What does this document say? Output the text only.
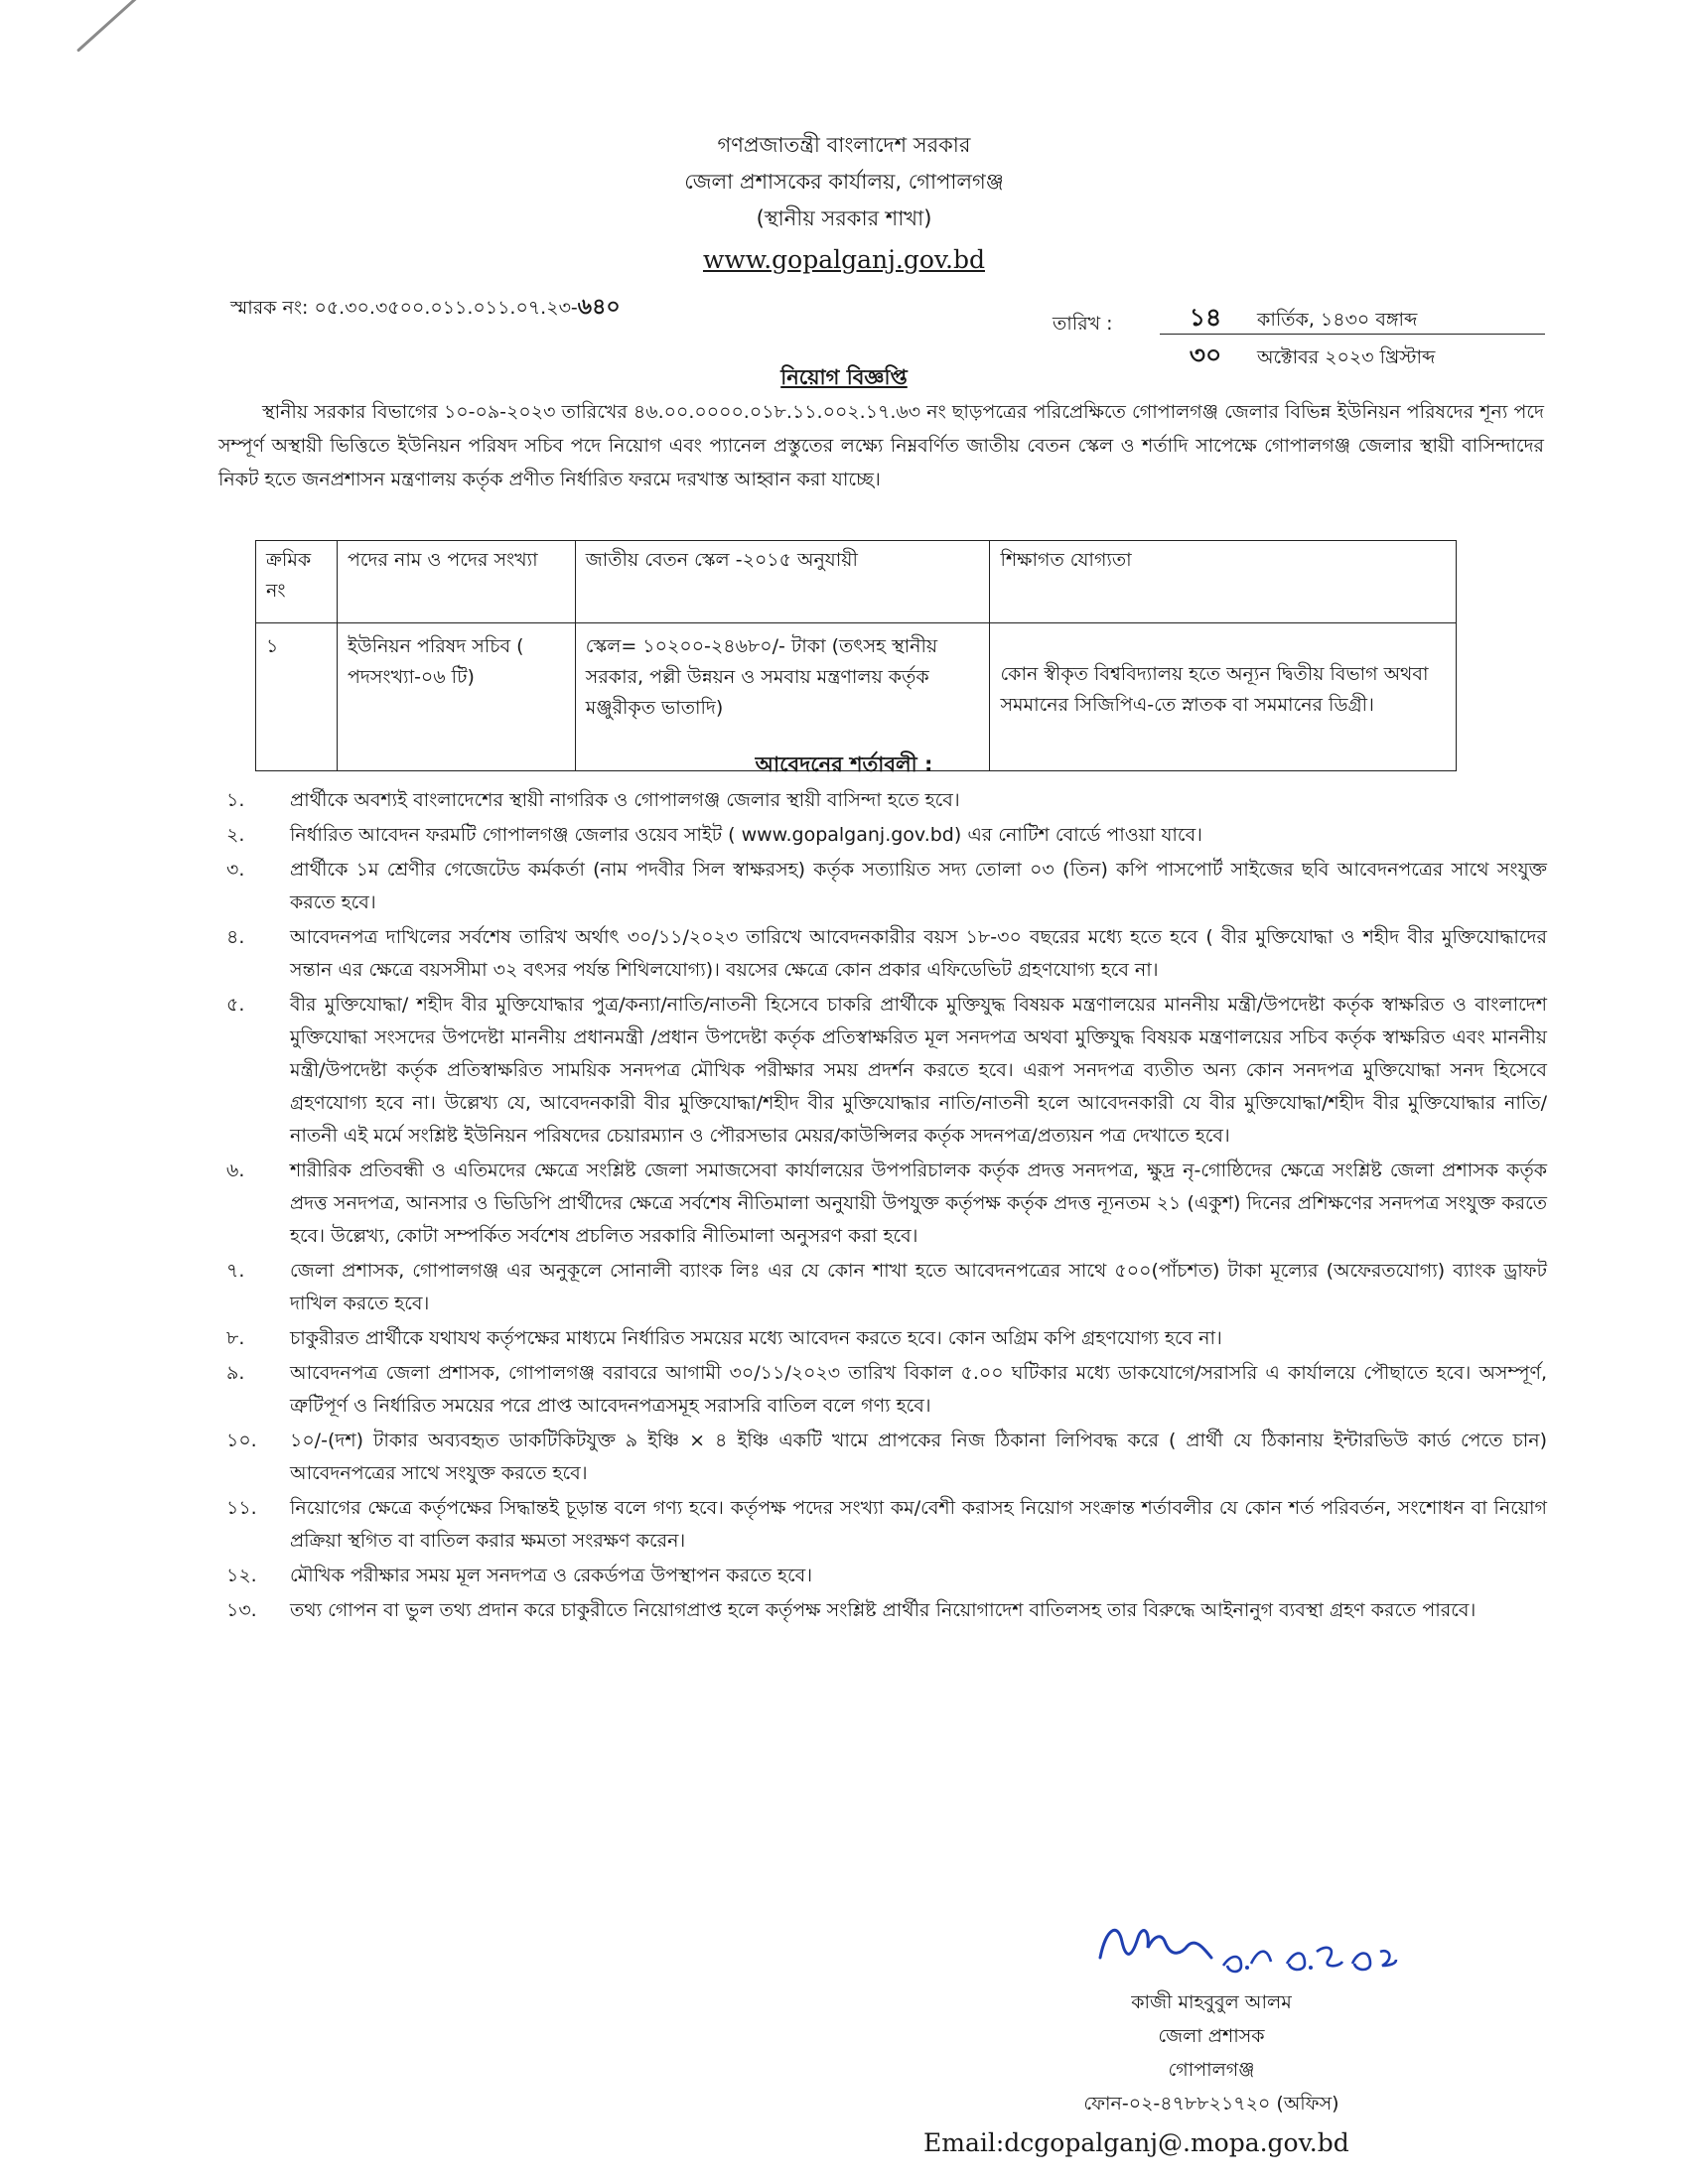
গণপ্রজাতন্ত্রী বাংলাদেশ সরকার
জেলা প্রশাসকের কার্যালয়, গোপালগঞ্জ
(স্থানীয় সরকার শাখা)
www.gopalganj.gov.bd
স্মারক নং: ০৫.৩০.৩৫০০.০১১.০১১.০৭.২৩-৬৪০
তারিখ :	১৪ কার্তিক, ১৪৩০ বঙ্গাব্দ
৩০ অক্টোবর ২০২৩ খ্রিস্টাব্দ
নিয়োগ বিজ্ঞপ্তি
স্থানীয় সরকার বিভাগের ১০-০৯-২০২৩ তারিখের ৪৬.০০.০০০০.০১৮.১১.০০২.১৭.৬৩ নং ছাড়পত্রের পরিপ্রেক্ষিতে গোপালগঞ্জ জেলার বিভিন্ন ইউনিয়ন পরিষদের শূন্য পদে সম্পূর্ণ অস্থায়ী ভিত্তিতে ইউনিয়ন পরিষদ সচিব পদে নিয়োগ এবং প্যানেল প্রস্তুতের লক্ষ্যে নিম্নবর্ণিত জাতীয় বেতন স্কেল ও শর্তাদি সাপেক্ষে গোপালগঞ্জ জেলার স্থায়ী বাসিন্দাদের নিকট হতে জনপ্রশাসন মন্ত্রণালয় কর্তৃক প্রণীত নির্ধারিত ফরমে দরখাস্ত আহ্বান করা যাচ্ছে।
ক্রমিক নং	পদের নাম ও পদের সংখ্যা	জাতীয় বেতন স্কেল -২০১৫ অনুযায়ী	শিক্ষাগত যোগ্যতা
১	ইউনিয়ন পরিষদ সচিব ( পদসংখ্যা-০৬ টি)	স্কেল= ১০২০০-২৪৬৮০/- টাকা (তৎসহ স্থানীয় সরকার, পল্লী উন্নয়ন ও সমবায় মন্ত্রণালয় কর্তৃক মঞ্জুরীকৃত ভাতাদি)	কোন স্বীকৃত বিশ্ববিদ্যালয় হতে অন্যূন দ্বিতীয় বিভাগ অথবা সমমানের সিজিপিএ-তে স্নাতক বা সমমানের ডিগ্রী।
আবেদনের শর্তাবলী :
১. প্রার্থীকে অবশ্যই বাংলাদেশের স্থায়ী নাগরিক ও গোপালগঞ্জ জেলার স্থায়ী বাসিন্দা হতে হবে।
২. নির্ধারিত আবেদন ফরমটি গোপালগঞ্জ জেলার ওয়েব সাইট ( www.gopalganj.gov.bd) এর নোটিশ বোর্ডে পাওয়া যাবে।
৩. প্রার্থীকে ১ম শ্রেণীর গেজেটেড কর্মকর্তা (নাম পদবীর সিল স্বাক্ষরসহ) কর্তৃক সত্যায়িত সদ্য তোলা ০৩ (তিন) কপি পাসপোর্ট সাইজের ছবি আবেদনপত্রের সাথে সংযুক্ত করতে হবে।
৪. আবেদনপত্র দাখিলের সর্বশেষ তারিখ অর্থাৎ ৩০/১১/২০২৩ তারিখে আবেদনকারীর বয়স ১৮-৩০ বছরের মধ্যে হতে হবে ( বীর মুক্তিযোদ্ধা ও শহীদ বীর মুক্তিযোদ্ধাদের সন্তান এর ক্ষেত্রে বয়সসীমা ৩২ বৎসর পর্যন্ত শিথিলযোগ্য)। বয়সের ক্ষেত্রে কোন প্রকার এফিডেভিট গ্রহণযোগ্য হবে না।
৫. বীর মুক্তিযোদ্ধা/ শহীদ বীর মুক্তিযোদ্ধার পুত্র/কন্যা/নাতি/নাতনী হিসেবে চাকরি প্রার্থীকে মুক্তিযুদ্ধ বিষয়ক মন্ত্রণালয়ের মাননীয় মন্ত্রী/উপদেষ্টা কর্তৃক স্বাক্ষরিত ও বাংলাদেশ মুক্তিযোদ্ধা সংসদের উপদেষ্টা মাননীয় প্রধানমন্ত্রী /প্রধান উপদেষ্টা কর্তৃক প্রতিস্বাক্ষরিত মূল সনদপত্র অথবা মুক্তিযুদ্ধ বিষয়ক মন্ত্রণালয়ের সচিব কর্তৃক স্বাক্ষরিত এবং মাননীয় মন্ত্রী/উপদেষ্টা কর্তৃক প্রতিস্বাক্ষরিত সাময়িক সনদপত্র মৌখিক পরীক্ষার সময় প্রদর্শন করতে হবে। এরূপ সনদপত্র ব্যতীত অন্য কোন সনদপত্র মুক্তিযোদ্ধা সনদ হিসেবে গ্রহণযোগ্য হবে না। উল্লেখ্য যে, আবেদনকারী বীর মুক্তিযোদ্ধা/শহীদ বীর মুক্তিযোদ্ধার নাতি/নাতনী হলে আবেদনকারী যে বীর মুক্তিযোদ্ধা/শহীদ বীর মুক্তিযোদ্ধার নাতি/নাতনী এই মর্মে সংশ্লিষ্ট ইউনিয়ন পরিষদের চেয়ারম্যান ও পৌরসভার মেয়র/কাউন্সিলর কর্তৃক সদনপত্র/প্রত্যয়ন পত্র দেখাতে হবে।
৬. শারীরিক প্রতিবন্ধী ও এতিমদের ক্ষেত্রে সংশ্লিষ্ট জেলা সমাজসেবা কার্যালয়ের উপপরিচালক কর্তৃক প্রদত্ত সনদপত্র, ক্ষুদ্র নৃ-গোষ্ঠিদের ক্ষেত্রে সংশ্লিষ্ট জেলা প্রশাসক কর্তৃক প্রদত্ত সনদপত্র, আনসার ও ভিডিপি প্রার্থীদের ক্ষেত্রে সর্বশেষ নীতিমালা অনুযায়ী উপযুক্ত কর্তৃপক্ষ কর্তৃক প্রদত্ত ন্যূনতম ২১ (একুশ) দিনের প্রশিক্ষণের সনদপত্র সংযুক্ত করতে হবে। উল্লেখ্য, কোটা সম্পর্কিত সর্বশেষ প্রচলিত সরকারি নীতিমালা অনুসরণ করা হবে।
৭. জেলা প্রশাসক, গোপালগঞ্জ এর অনুকূলে সোনালী ব্যাংক লিঃ এর যে কোন শাখা হতে আবেদনপত্রের সাথে ৫০০(পাঁচশত) টাকা মূল্যের (অফেরতযোগ্য) ব্যাংক ড্রাফট দাখিল করতে হবে।
৮. চাকুরীরত প্রার্থীকে যথাযথ কর্তৃপক্ষের মাধ্যমে নির্ধারিত সময়ের মধ্যে আবেদন করতে হবে। কোন অগ্রিম কপি গ্রহণযোগ্য হবে না।
৯. আবেদনপত্র জেলা প্রশাসক, গোপালগঞ্জ বরাবরে আগামী ৩০/১১/২০২৩ তারিখ বিকাল ৫.০০ ঘটিকার মধ্যে ডাকযোগে/সরাসরি এ কার্যালয়ে পৌছাতে হবে। অসম্পূর্ণ, ত্রুটিপূর্ণ ও নির্ধারিত সময়ের পরে প্রাপ্ত আবেদনপত্রসমূহ সরাসরি বাতিল বলে গণ্য হবে।
১০. ১০/-(দশ) টাকার অব্যবহৃত ডাকটিকিটযুক্ত ৯ ইঞ্চি × ৪ ইঞ্চি একটি খামে প্রাপকের নিজ ঠিকানা লিপিবদ্ধ করে ( প্রার্থী যে ঠিকানায় ইন্টারভিউ কার্ড পেতে চান) আবেদনপত্রের সাথে সংযুক্ত করতে হবে।
১১. নিয়োগের ক্ষেত্রে কর্তৃপক্ষের সিদ্ধান্তই চূড়ান্ত বলে গণ্য হবে। কর্তৃপক্ষ পদের সংখ্যা কম/বেশী করাসহ নিয়োগ সংক্রান্ত শর্তাবলীর যে কোন শর্ত পরিবর্তন, সংশোধন বা নিয়োগ প্রক্রিয়া স্থগিত বা বাতিল করার ক্ষমতা সংরক্ষণ করেন।
১২. মৌখিক পরীক্ষার সময় মূল সনদপত্র ও রেকর্ডপত্র উপস্থাপন করতে হবে।
১৩. তথ্য গোপন বা ভুল তথ্য প্রদান করে চাকুরীতে নিয়োগপ্রাপ্ত হলে কর্তৃপক্ষ সংশ্লিষ্ট প্রার্থীর নিয়োগাদেশ বাতিলসহ তার বিরুদ্ধে আইনানুগ ব্যবস্থা গ্রহণ করতে পারবে।
কাজী মাহবুবুল আলম
জেলা প্রশাসক
গোপালগঞ্জ
ফোন-০২-৪৭৮৮২১৭২০ (অফিস)
Email:dcgopalganj@.mopa.gov.bd
